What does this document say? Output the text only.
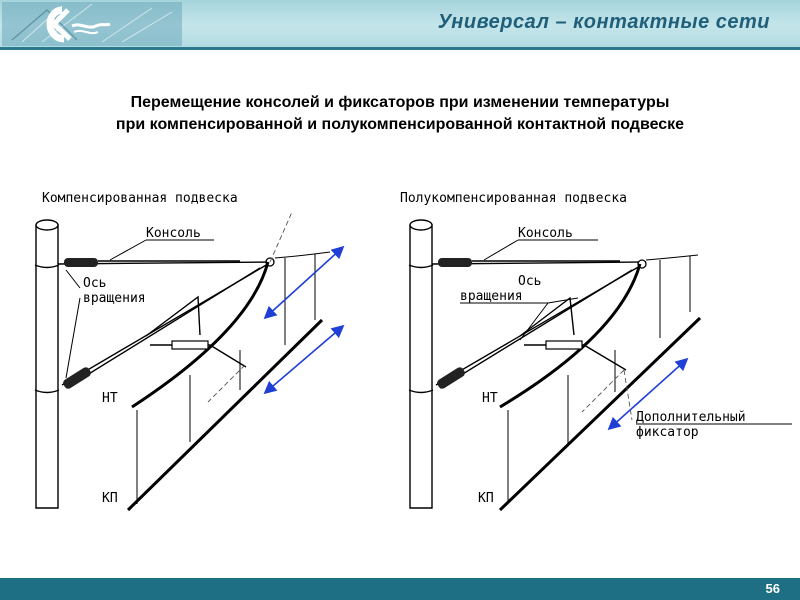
Универсал – контактные сети
Перемещение консолей и фиксаторов при изменении температуры
при компенсированной и полукомпенсированной контактной подвеске
Компенсированная подвеска
Консоль
Ось
вращения
НТ
КП
Полукомпенсированная подвеска
Консоль
Ось
вращения
Дополнительный
фиксатор
НТ
КП
56
